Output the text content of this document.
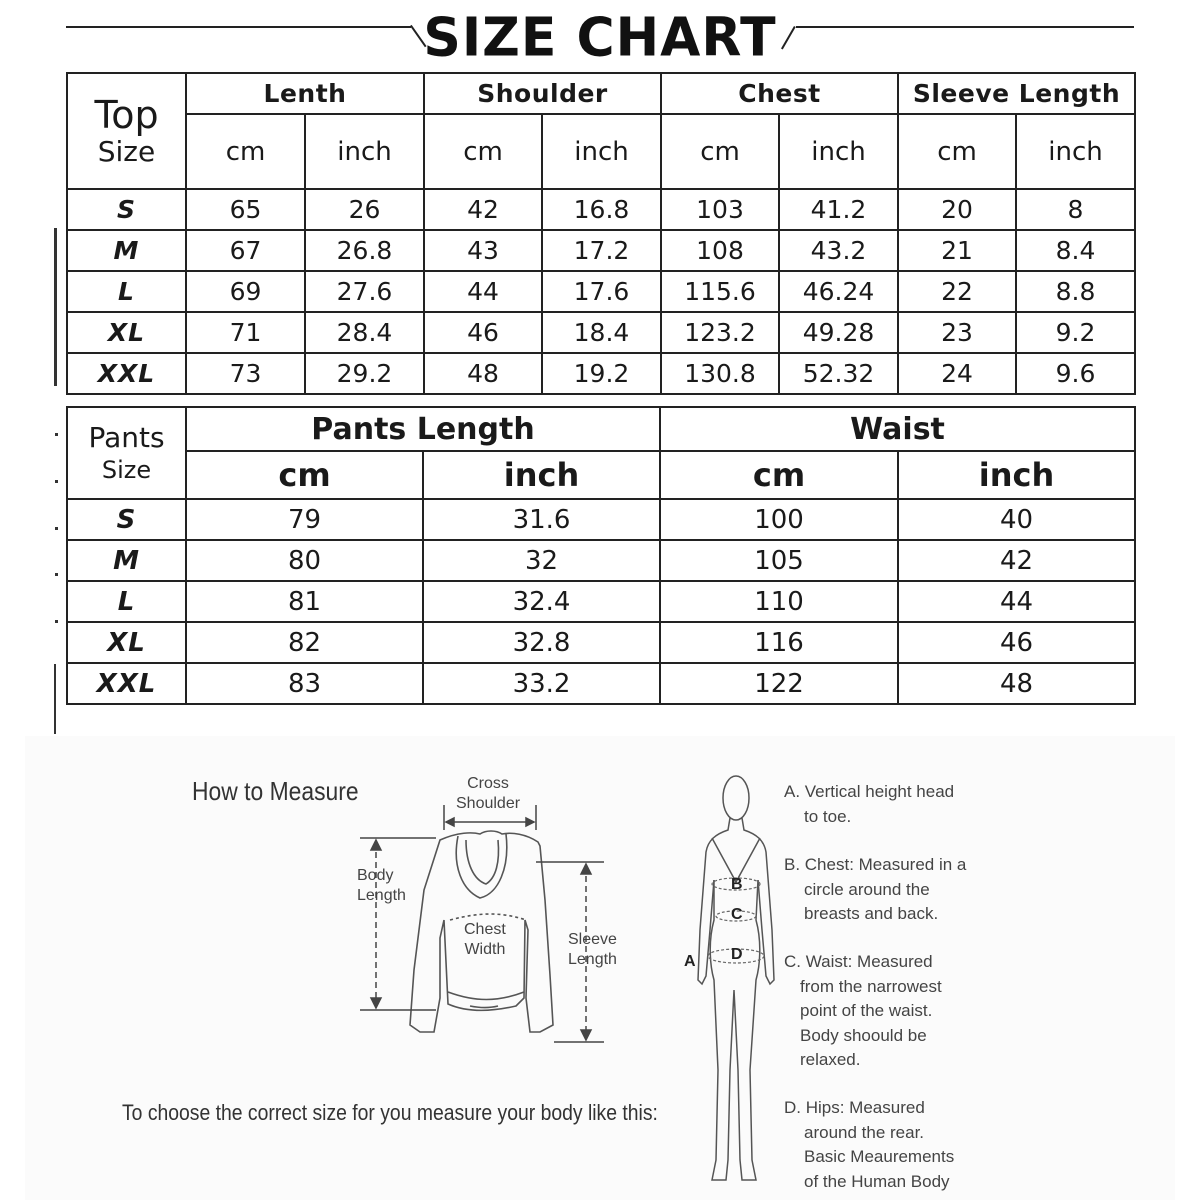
SIZE CHART
Top
Size	Lenth		Shoulder		Chest		Sleeve Length	
	cm	inch	cm	inch	cm	inch	cm	inch
S	65	26	42	16.8	103	41.2	20	8
M	67	26.8	43	17.2	108	43.2	21	8.4
L	69	27.6	44	17.6	115.6	46.24	22	8.8
XL	71	28.4	46	18.4	123.2	49.28	23	9.2
XXL	73	29.2	48	19.2	130.8	52.32	24	9.6
Pants
Size	Pants Length		Waist	
	cm	inch	cm	inch
S	79	31.6	100	40
M	80	32	105	42
L	81	32.4	110	44
XL	82	32.8	116	46
XXL	83	33.2	122	48
How to Measure	Cross
Shoulder
Body
Length
Chest
Width
Sleeve
Length
To choose the correct size for you measure your body like this:
A
B
C
D
A. Vertical height head
to toe.
B. Chest: Measured in a
circle around the
breasts and back.
C. Waist: Measured
from the narrowest
point of the waist.
Body shoould be
relaxed.
D. Hips: Measured
around the rear.
Basic Meaurements
of the Human Body
